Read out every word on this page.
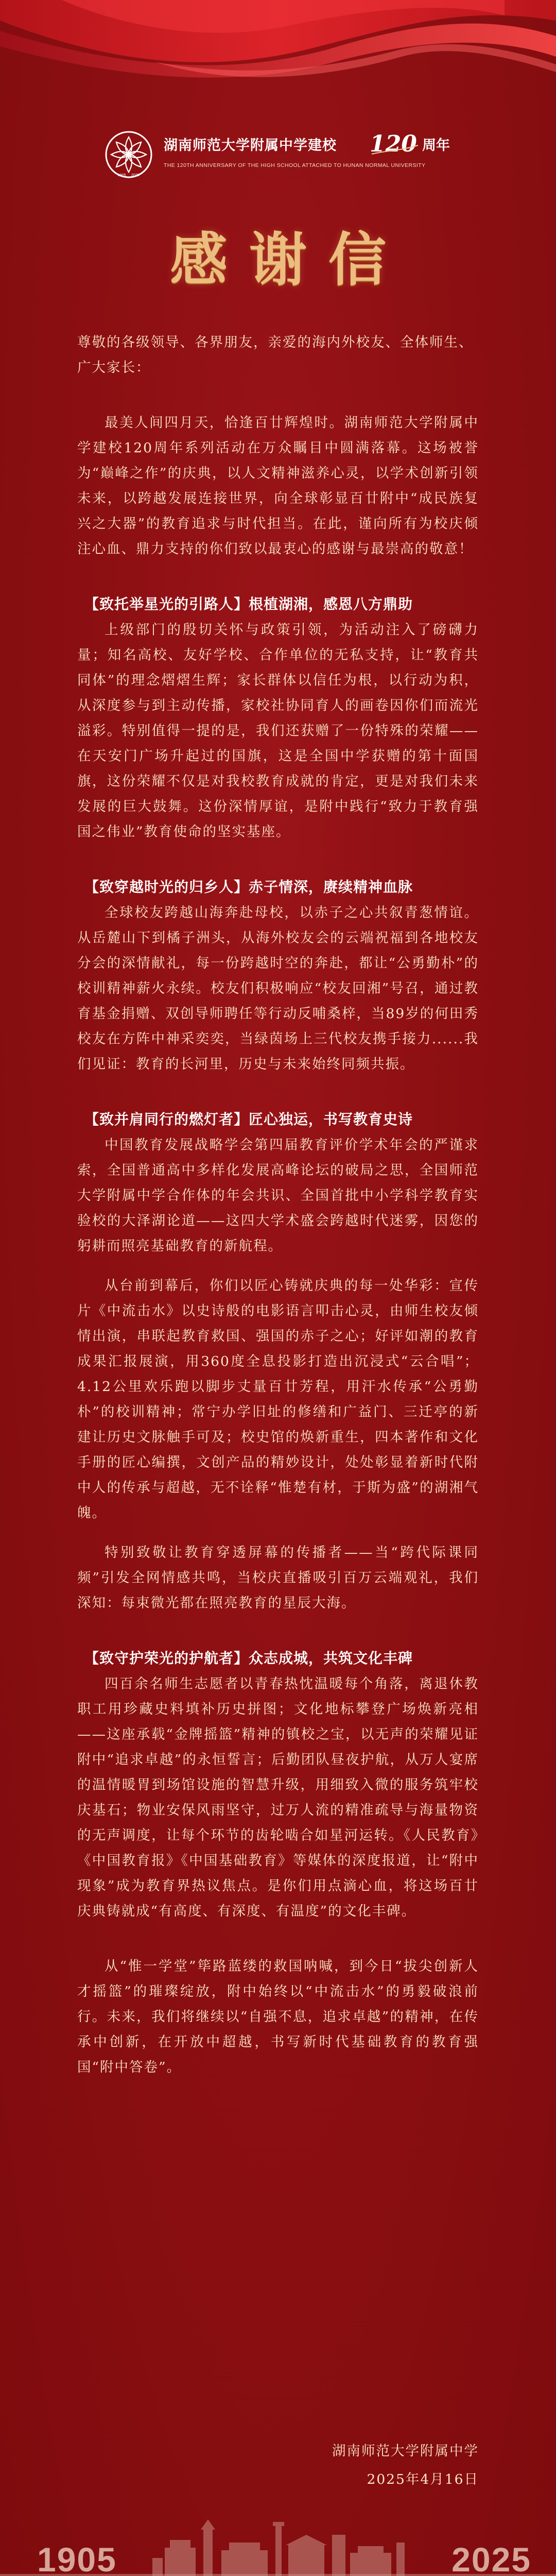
1905 2025
湖南师范大学附属中学建校 120 周年
THE 120TH ANNIVERSARY OF THE HIGH SCHOOL ATTACHED TO HUNAN NORMAL UNIVERSITY
感谢信

尊敬的各级领导、各界朋友，亲爱的海内外校友、全体师生、广大家长：

最美人间四月天，恰逢百廿辉煌时。湖南师范大学附属中学建校120周年系列活动在万众瞩目中圆满落幕。这场被誉为“巅峰之作”的庆典，以人文精神滋养心灵，以学术创新引领未来，以跨越发展连接世界，向全球彰显百廿附中“成民族复兴之大器”的教育追求与时代担当。在此，谨向所有为校庆倾注心血、鼎力支持的你们致以最衷心的感谢与最崇高的敬意！

【致托举星光的引路人】根植湖湘，感恩八方鼎助

上级部门的殷切关怀与政策引领，为活动注入了磅礴力量；知名高校、友好学校、合作单位的无私支持，让“教育共同体”的理念熠熠生辉；家长群体以信任为根，以行动为积，从深度参与到主动传播，家校社协同育人的画卷因你们而流光溢彩。特别值得一提的是，我们还获赠了一份特殊的荣耀——在天安门广场升起过的国旗，这是全国中学获赠的第十面国旗，这份荣耀不仅是对我校教育成就的肯定，更是对我们未来发展的巨大鼓舞。这份深情厚谊，是附中践行“致力于教育强国之伟业”教育使命的坚实基座。

【致穿越时光的归乡人】赤子情深，赓续精神血脉

全球校友跨越山海奔赴母校，以赤子之心共叙青葱情谊。从岳麓山下到橘子洲头，从海外校友会的云端祝福到各地校友分会的深情献礼，每一份跨越时空的奔赴，都让“公勇勤朴”的校训精神薪火永续。校友们积极响应“校友回湘”号召，通过教育基金捐赠、双创导师聘任等行动反哺桑梓，当89岁的何田秀校友在方阵中神采奕奕，当绿茵场上三代校友携手接力......我们见证：教育的长河里，历史与未来始终同频共振。

【致并肩同行的燃灯者】匠心独运，书写教育史诗

中国教育发展战略学会第四届教育评价学术年会的严谨求索，全国普通高中多样化发展高峰论坛的破局之思，全国师范大学附属中学合作体的年会共识、全国首批中小学科学教育实验校的大泽湖论道——这四大学术盛会跨越时代迷雾，因您的躬耕而照亮基础教育的新航程。

从台前到幕后，你们以匠心铸就庆典的每一处华彩：宣传片《中流击水》以史诗般的电影语言叩击心灵，由师生校友倾情出演，串联起教育救国、强国的赤子之心；好评如潮的教育成果汇报展演，用360度全息投影打造出沉浸式“云合唱”；4.12公里欢乐跑以脚步丈量百廿芳程，用汗水传承“公勇勤朴”的校训精神；常宁办学旧址的修缮和广益门、三迁亭的新建让历史文脉触手可及；校史馆的焕新重生，四本著作和文化手册的匠心编撰，文创产品的精妙设计，处处彰显着新时代附中人的传承与超越，无不诠释“惟楚有材，于斯为盛”的湖湘气魄。

特别致敬让教育穿透屏幕的传播者——当“跨代际课同频”引发全网情感共鸣，当校庆直播吸引百万云端观礼，我们深知：每束微光都在照亮教育的星辰大海。

【致守护荣光的护航者】众志成城，共筑文化丰碑

四百余名师生志愿者以青春热忱温暖每个角落，离退休教职工用珍藏史料填补历史拼图；文化地标攀登广场焕新亮相——这座承载“金牌摇篮”精神的镇校之宝，以无声的荣耀见证附中“追求卓越”的永恒誓言；后勤团队昼夜护航，从万人宴席的温情暖胃到场馆设施的智慧升级，用细致入微的服务筑牢校庆基石；物业安保风雨坚守，过万人流的精准疏导与海量物资的无声调度，让每个环节的齿轮啮合如星河运转。《人民教育》《中国教育报》《中国基础教育》等媒体的深度报道，让“附中现象”成为教育界热议焦点。是你们用点滴心血，将这场百廿庆典铸就成“有高度、有深度、有温度”的文化丰碑。

从“惟一学堂”筚路蓝缕的救国呐喊，到今日“拔尖创新人才摇篮”的璀璨绽放，附中始终以“中流击水”的勇毅破浪前行。未来，我们将继续以“自强不息，追求卓越”的精神，在传承中创新，在开放中超越，书写新时代基础教育的教育强国“附中答卷”。

湖南师范大学附属中学

2025年4月16日

1905	2025
